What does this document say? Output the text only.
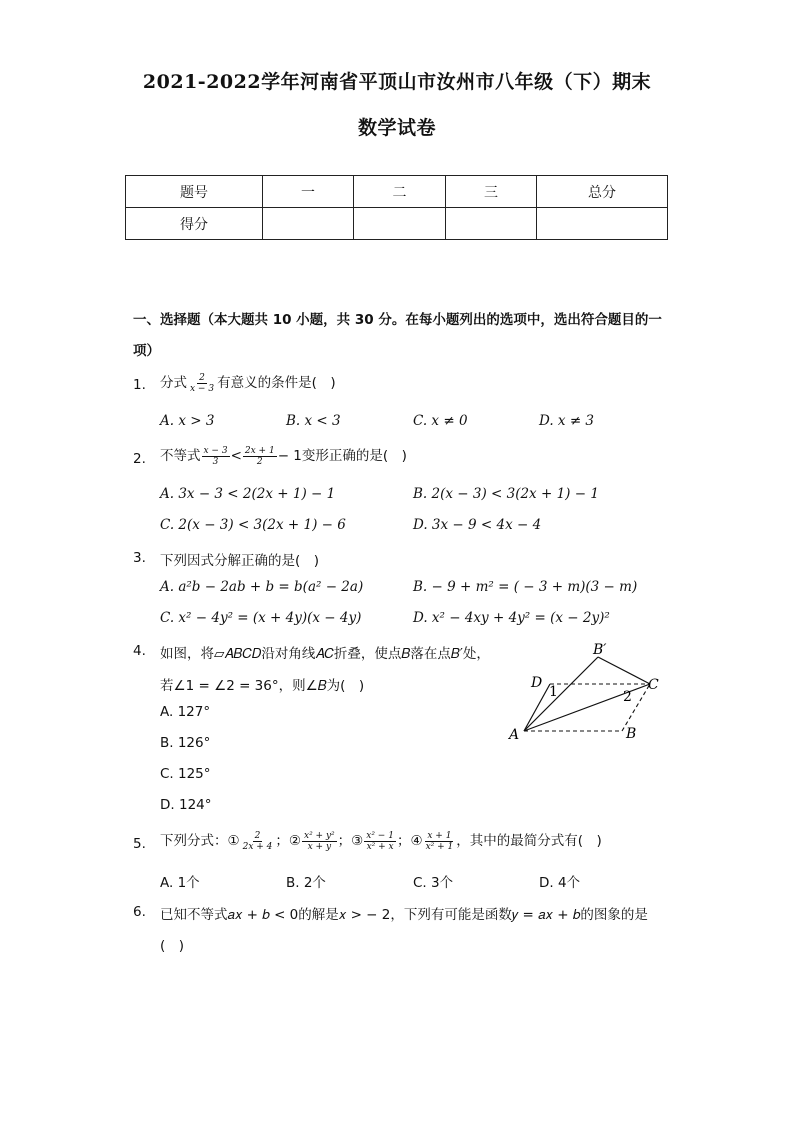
2021-2022学年河南省平顶山市汝州市八年级（下）期末
数学试卷
题号	一	二	三	总分
得分				
一、选择题（本大题共 10 小题，共 30 分。在每小题列出的选项中，选出符合题目的一
项）
1. 分式 $\frac{2}{x - 3}$ 有意义的条件是(　)
A. 𝑥 > 3	B. 𝑥 < 3	C. 𝑥 ≠ 0	D. 𝑥 ≠ 3
2. 不等式 $\frac{x - 3}{3} < \frac{2x + 1}{2} - 1$变形正确的是(　)
A. 3𝑥 − 3 < 2(2𝑥 + 1) − 1	B. 2(𝑥 − 3) < 3(2𝑥 + 1) − 1
C. 2(𝑥 − 3) < 3(2𝑥 + 1) − 6	D. 3𝑥 − 9 < 4𝑥 − 4
3. 下列因式分解正确的是(　)
A. 𝑎²𝑏 − 2𝑎𝑏 + 𝑏 = 𝑏(𝑎² − 2𝑎)	B. − 9 + 𝑚² = ( − 3 + 𝑚)(3 − 𝑚)
C. 𝑥² − 4𝑦² = (𝑥 + 4𝑦)(𝑥 − 4𝑦)	D. 𝑥² − 4𝑥𝑦 + 4𝑦² = (𝑥 − 2𝑦)²
4. 如图，将▱𝐴𝐵𝐶𝐷沿对角线𝐴𝐶折叠，使点𝐵落在点𝐵′处，
若∠1 = ∠2 = 36°，则∠𝐵为(　)
A. 127°
B. 126°
C. 125°
D. 124°
B′
D	C
A	B
1	2
5. 下列分式：① $\frac{2}{2x + 4}$ ；② $\frac{\text{x² + y²}}{x + y}$ ；③ $\frac{\text{x² − 1}}{\text{x² + x}}$ ；④ $\frac{x + 1}{\text{x² + 1}}$ ，其中的最简分式有(　)
A. 1个	B. 2个	C. 3个	D. 4个
6. 已知不等式𝑎𝑥 + 𝑏 < 0的解是𝑥 > − 2，下列有可能是函数𝑦 = 𝑎𝑥 + 𝑏的图象的是
(　)
